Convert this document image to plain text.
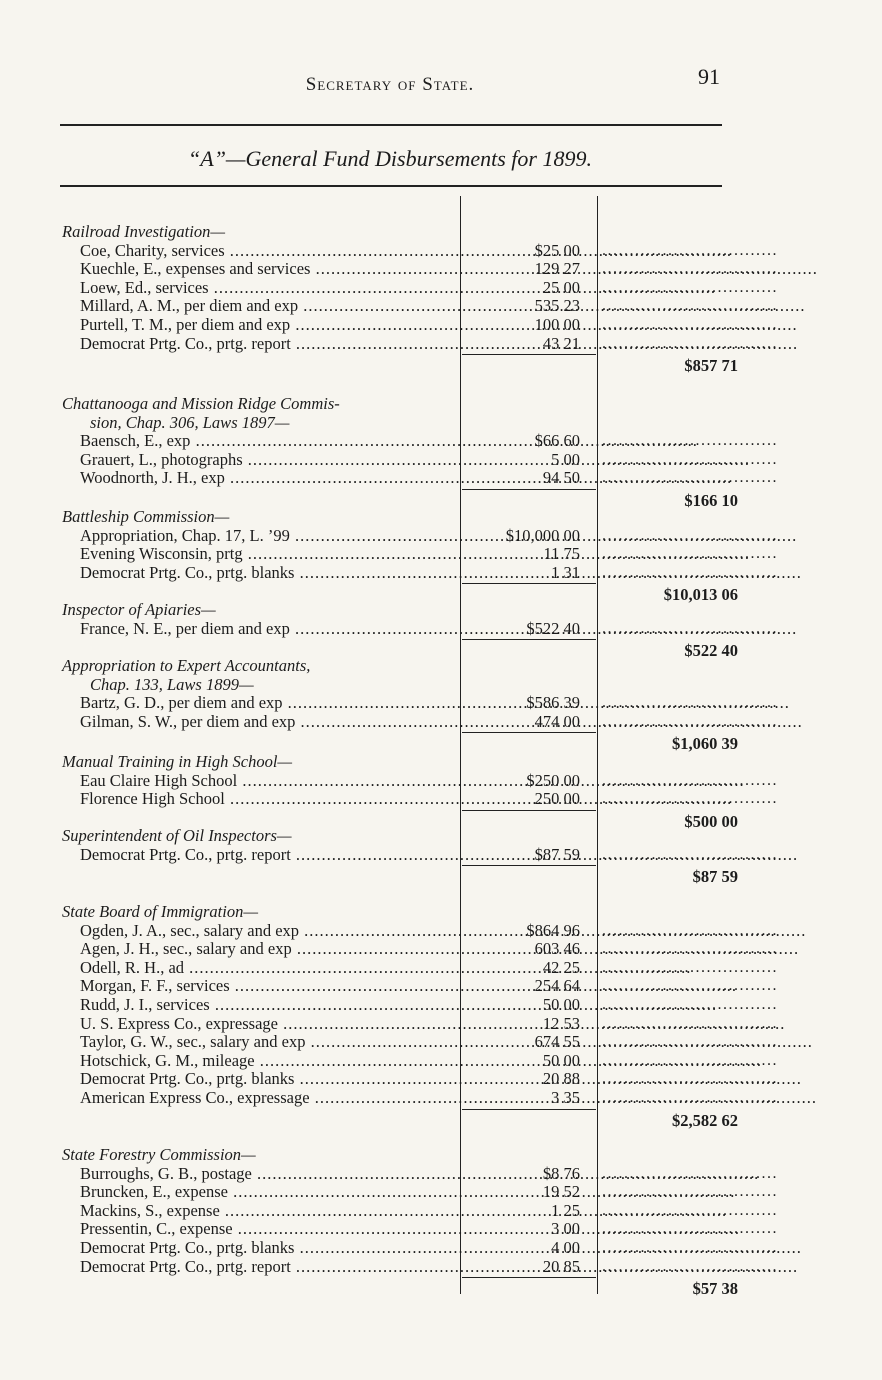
Secretary of State.	91
“A”—General Fund Disbursements for 1899.
Railroad Investigation—
Coe, Charity, services .....	$25 00 ................................
Kuechle, E., expenses and services .....	129 27 ................................
Loew, Ed., services .....	25 00 ................................
Millard, A. M., per diem and exp .....	535 23 ................................
Purtell, T. M., per diem and exp .....	100 00 ................................
Democrat Prtg. Co., prtg. report .....	43 21 ................................
$857 71
Chattanooga and Mission Ridge Commis-
sion, Chap. 306, Laws 1897—
Baensch, E., exp .....	$66 60 ................................
Grauert, L., photographs .....	5 00 ................................
Woodnorth, J. H., exp .....	94 50 ................................
$166 10
Battleship Commission—
Appropriation, Chap. 17, L. ’99 .....	$10,000 00 ................................
Evening Wisconsin, prtg .....	11 75 ................................
Democrat Prtg. Co., prtg. blanks .....	1 31 ................................
$10,013 06
Inspector of Apiaries—
France, N. E., per diem and exp .....	$522 40 ................................
$522 40
Appropriation to Expert Accountants,
Chap. 133, Laws 1899—
Bartz, G. D., per diem and exp .....	$586 39 ................................
Gilman, S. W., per diem and exp .....	474 00 ................................
$1,060 39
Manual Training in High School—
Eau Claire High School .....	$250 00 ................................
Florence High School .....	250 00 ................................
$500 00
Superintendent of Oil Inspectors—
Democrat Prtg. Co., prtg. report .....	$87 59 ................................
$87 59
State Board of Immigration—
Ogden, J. A., sec., salary and exp .....	$864 96 ................................
Agen, J. H., sec., salary and exp .....	603 46 ................................
Odell, R. H., ad .....	42 25 ................................
Morgan, F. F., services .....	254 64 ................................
Rudd, J. I., services .....	50 00 ................................
U. S. Express Co., expressage .....	12 53 ................................
Taylor, G. W., sec., salary and exp .....	674 55 ................................
Hotschick, G. M., mileage .....	50 00 ................................
Democrat Prtg. Co., prtg. blanks .....	20 88 ................................
American Express Co., expressage .....	3 35 ................................
$2,582 62
State Forestry Commission—
Burroughs, G. B., postage .....	$8 76 ................................
Bruncken, E., expense .....	19 52 ................................
Mackins, S., expense .....	1 25 ................................
Pressentin, C., expense .....	3 00 ................................
Democrat Prtg. Co., prtg. blanks .....	4 00 ................................
Democrat Prtg. Co., prtg. report .....	20 85 ................................
$57 38
